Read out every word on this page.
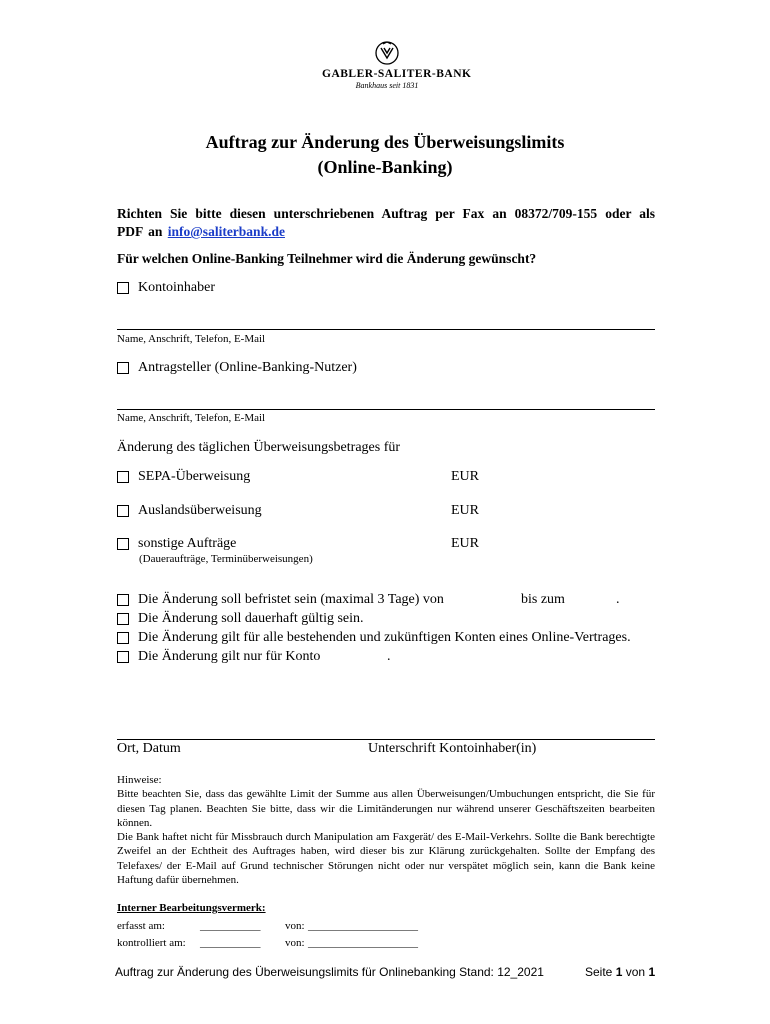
GABLER-SALITER-BANK
Bankhaus seit 1831
Auftrag zur Änderung des Überweisungslimits
(Online-Banking)
Richten Sie bitte diesen unterschriebenen Auftrag per Fax an 08372/709-155 oder als PDF an info@saliterbank.de
Für welchen Online-Banking Teilnehmer wird die Änderung gewünscht?
Kontoinhaber
Name, Anschrift, Telefon, E-Mail
Antragsteller (Online-Banking-Nutzer)
Name, Anschrift, Telefon, E-Mail
Änderung des täglichen Überweisungsbetrages für
SEPA-Überweisung	EUR
Auslandsüberweisung	EUR
sonstige Aufträge	EUR
(Daueraufträge, Terminüberweisungen)
Die Änderung soll befristet sein (maximal 3 Tage) von	bis zum	.
Die Änderung soll dauerhaft gültig sein.
Die Änderung gilt für alle bestehenden und zukünftigen Konten eines Online-Vertrages.
Die Änderung gilt nur für Konto	.
Ort, Datum	Unterschrift Kontoinhaber(in)
Hinweise:
Bitte beachten Sie, dass das gewählte Limit der Summe aus allen Überweisungen/Umbuchungen entspricht, die Sie für diesen Tag planen. Beachten Sie bitte, dass wir die Limitänderungen nur während unserer Geschäftszeiten bearbeiten können.
Die Bank haftet nicht für Missbrauch durch Manipulation am Faxgerät/ des E-Mail-Verkehrs. Sollte die Bank berechtigte Zweifel an der Echtheit des Auftrages haben, wird dieser bis zur Klärung zurückgehalten. Sollte der Empfang des Telefaxes/ der E-Mail auf Grund technischer Störungen nicht oder nur verspätet möglich sein, kann die Bank keine Haftung dafür übernehmen.
Interner Bearbeitungsvermerk:
erfasst am:	___________ von: ____________________
kontrolliert am: ___________ von: ____________________
Auftrag zur Änderung des Überweisungslimits für Onlinebanking Stand: 12_2021	Seite 1 von 1
